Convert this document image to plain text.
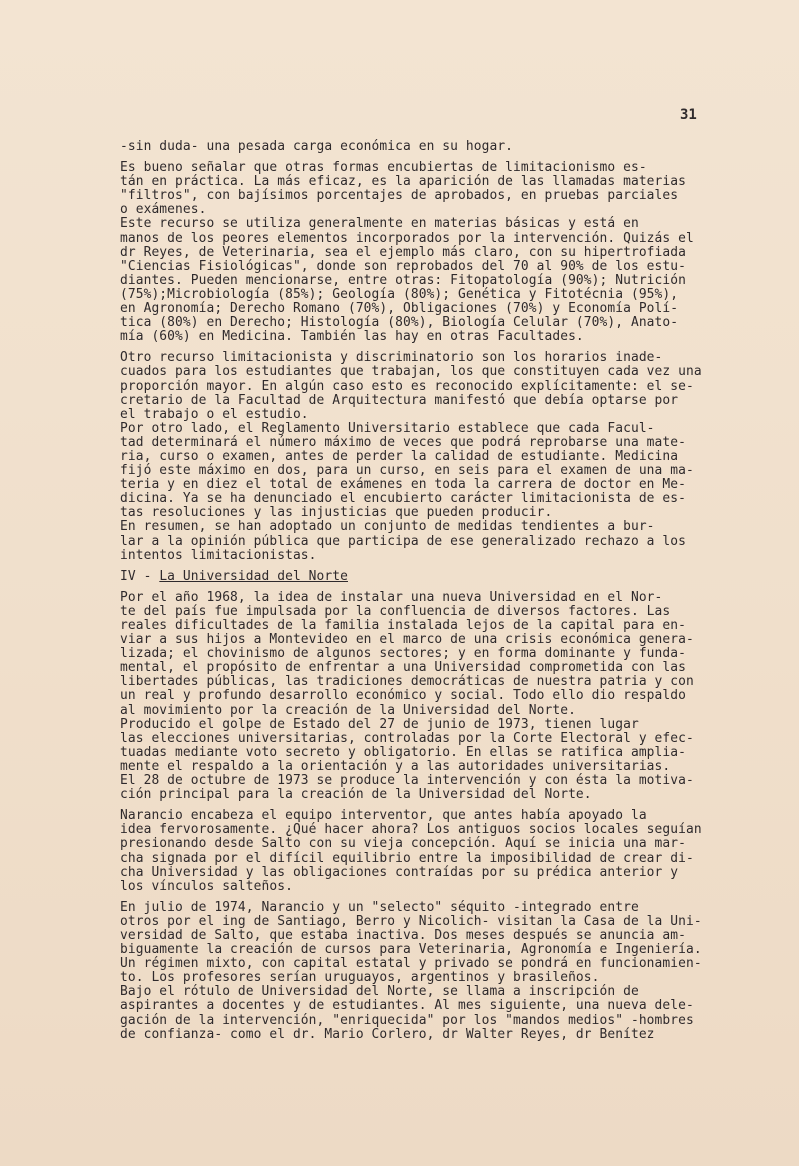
31
-sin duda- una pesada carga económica en su hogar.
Es bueno señalar que otras formas encubiertas de limitacionismo es-
tán en práctica. La más eficaz, es la aparición de las llamadas materias
"filtros", con bajísimos porcentajes de aprobados, en pruebas parciales
o exámenes.
Este recurso se utiliza generalmente en materias básicas y está en
manos de los peores elementos incorporados por la intervención. Quizás el
dr Reyes, de Veterinaria, sea el ejemplo más claro, con su hipertrofiada
"Ciencias Fisiológicas", donde son reprobados del 70 al 90% de los estu-
diantes. Pueden mencionarse, entre otras: Fitopatología (90%); Nutrición
(75%);Microbiología (85%); Geología (80%); Genética y Fitotécnia (95%),
en Agronomía; Derecho Romano (70%), Obligaciones (70%) y Economía Polí-
tica (80%) en Derecho; Histología (80%), Biología Celular (70%), Anato-
mía (60%) en Medicina. También las hay en otras Facultades.
Otro recurso limitacionista y discriminatorio son los horarios inade-
cuados para los estudiantes que trabajan, los que constituyen cada vez una
proporción mayor. En algún caso esto es reconocido explícitamente: el se-
cretario de la Facultad de Arquitectura manifestó que debía optarse por
el trabajo o el estudio.
Por otro lado, el Reglamento Universitario establece que cada Facul-
tad determinará el número máximo de veces que podrá reprobarse una mate-
ria, curso o examen, antes de perder la calidad de estudiante. Medicina
fijó este máximo en dos, para un curso, en seis para el examen de una ma-
teria y en diez el total de exámenes en toda la carrera de doctor en Me-
dicina. Ya se ha denunciado el encubierto carácter limitacionista de es-
tas resoluciones y las injusticias que pueden producir.
En resumen, se han adoptado un conjunto de medidas tendientes a bur-
lar a la opinión pública que participa de ese generalizado rechazo a los
intentos limitacionistas.
IV - La Universidad del Norte
Por el año 1968, la idea de instalar una nueva Universidad en el Nor-
te del país fue impulsada por la confluencia de diversos factores. Las
reales dificultades de la familia instalada lejos de la capital para en-
viar a sus hijos a Montevideo en el marco de una crisis económica genera-
lizada; el chovinismo de algunos sectores; y en forma dominante y funda-
mental, el propósito de enfrentar a una Universidad comprometida con las
libertades públicas, las tradiciones democráticas de nuestra patria y con
un real y profundo desarrollo económico y social. Todo ello dio respaldo
al movimiento por la creación de la Universidad del Norte.
Producido el golpe de Estado del 27 de junio de 1973, tienen lugar
las elecciones universitarias, controladas por la Corte Electoral y efec-
tuadas mediante voto secreto y obligatorio. En ellas se ratifica amplia-
mente el respaldo a la orientación y a las autoridades universitarias.
El 28 de octubre de 1973 se produce la intervención y con ésta la motiva-
ción principal para la creación de la Universidad del Norte.
Narancio encabeza el equipo interventor, que antes había apoyado la
idea fervorosamente. ¿Qué hacer ahora? Los antiguos socios locales seguían
presionando desde Salto con su vieja concepción. Aquí se inicia una mar-
cha signada por el difícil equilibrio entre la imposibilidad de crear di-
cha Universidad y las obligaciones contraídas por su prédica anterior y
los vínculos salteños.
En julio de 1974, Narancio y un "selecto" séquito -integrado entre
otros por el ing de Santiago, Berro y Nicolich- visitan la Casa de la Uni-
versidad de Salto, que estaba inactiva. Dos meses después se anuncia am-
biguamente la creación de cursos para Veterinaria, Agronomía e Ingeniería.
Un régimen mixto, con capital estatal y privado se pondrá en funcionamien-
to. Los profesores serían uruguayos, argentinos y brasileños.
Bajo el rótulo de Universidad del Norte, se llama a inscripción de
aspirantes a docentes y de estudiantes. Al mes siguiente, una nueva dele-
gación de la intervención, "enriquecida" por los "mandos medios" -hombres
de confianza- como el dr. Mario Corlero, dr Walter Reyes, dr Benítez
